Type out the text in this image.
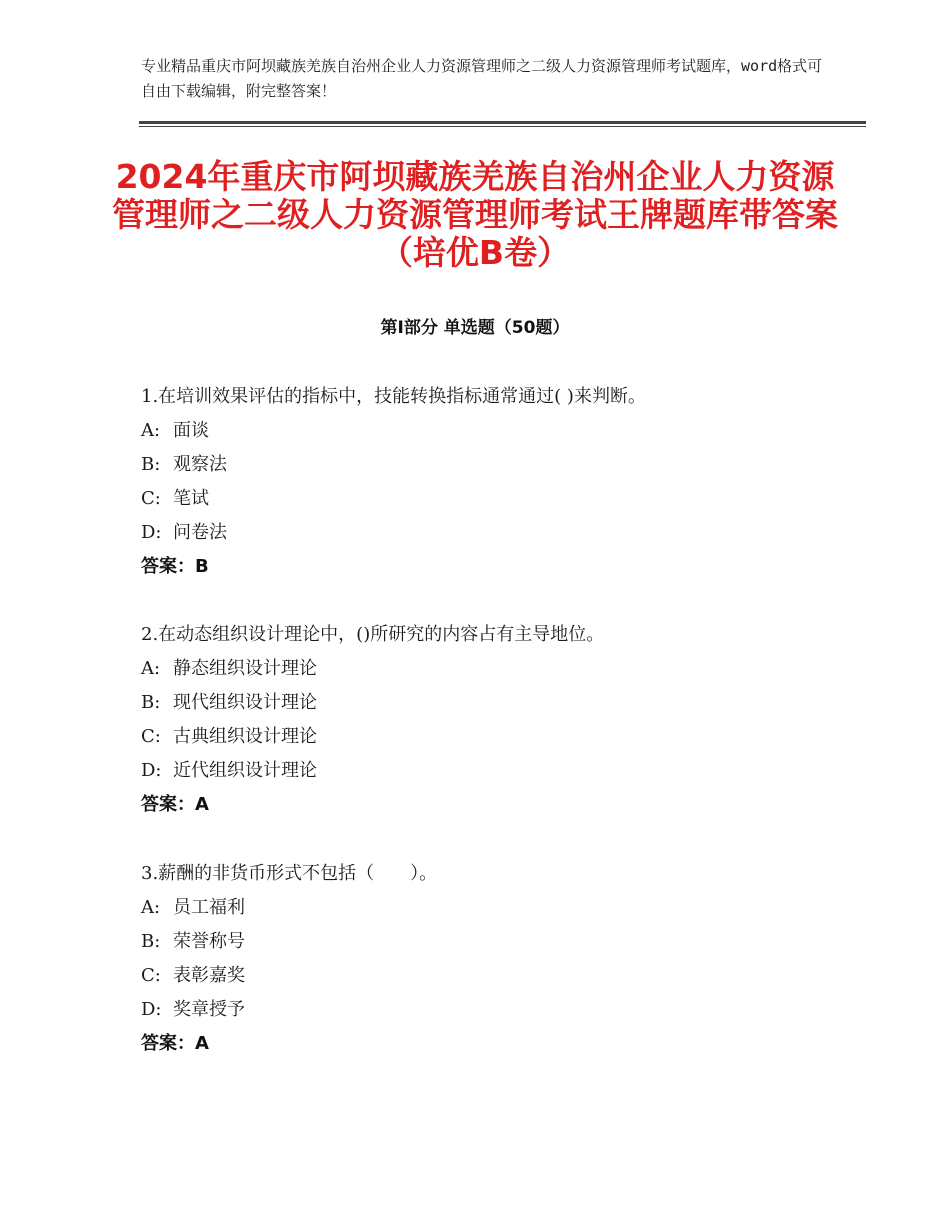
专业精品重庆市阿坝藏族羌族自治州企业人力资源管理师之二级人力资源管理师考试题库，word格式可自由下载编辑，附完整答案！
2024年重庆市阿坝藏族羌族自治州企业人力资源管理师之二级人力资源管理师考试王牌题库带答案（培优B卷）
第Ⅰ部分 单选题（50题）
1.在培训效果评估的指标中，技能转换指标通常通过( )来判断。
A: 面谈
B: 观察法
C: 笔试
D: 问卷法
答案：B
2.在动态组织设计理论中，()所研究的内容占有主导地位。
A: 静态组织设计理论
B: 现代组织设计理论
C: 古典组织设计理论
D: 近代组织设计理论
答案：A
3.薪酬的非货币形式不包括（　　）。
A: 员工福利
B: 荣誉称号
C: 表彰嘉奖
D: 奖章授予
答案：A
